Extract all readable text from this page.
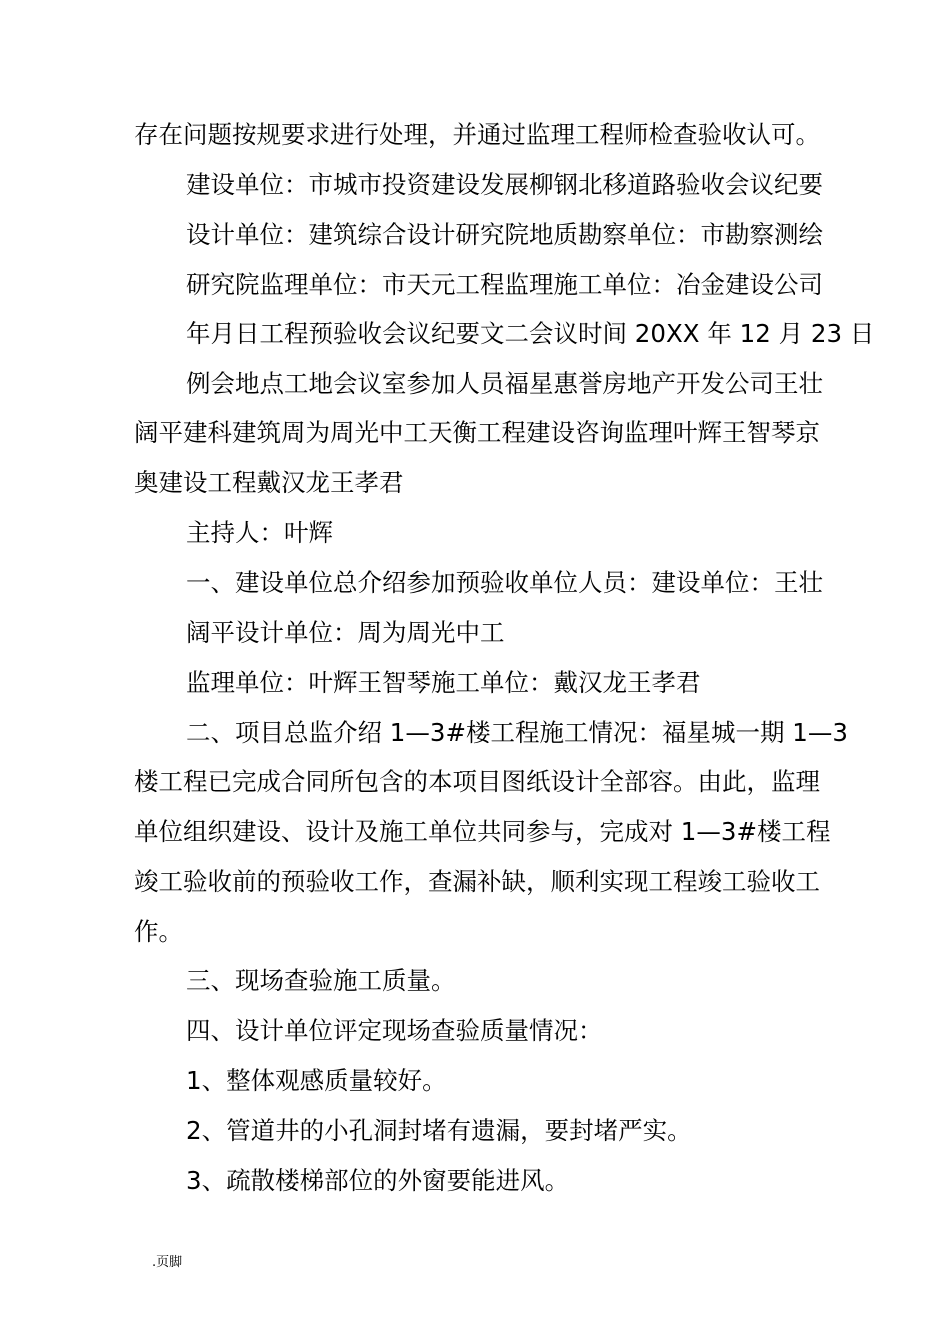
存在问题按规要求进行处理，并通过监理工程师检查验收认可。
建设单位：市城市投资建设发展柳钢北移道路验收会议纪要
设计单位：建筑综合设计研究院地质勘察单位：市勘察测绘
研究院监理单位：市天元工程监理施工单位：冶金建设公司
年月日工程预验收会议纪要文二会议时间 20XX 年 12 月 23 日
例会地点工地会议室参加人员福星惠誉房地产开发公司王壮
阔平建科建筑周为周光中工天衡工程建设咨询监理叶辉王智琴京
奥建设工程戴汉龙王孝君
主持人：叶辉
一、建设单位总介绍参加预验收单位人员：建设单位：王壮
阔平设计单位：周为周光中工
监理单位：叶辉王智琴施工单位：戴汉龙王孝君
二、项目总监介绍 1—3#楼工程施工情况：福星城一期 1—3
楼工程已完成合同所包含的本项目图纸设计全部容。由此，监理
单位组织建设、设计及施工单位共同参与，完成对 1—3#楼工程
竣工验收前的预验收工作，查漏补缺，顺利实现工程竣工验收工
作。
三、现场查验施工质量。
四、设计单位评定现场查验质量情况：
1、整体观感质量较好。
2、管道井的小孔洞封堵有遗漏，要封堵严实。
3、疏散楼梯部位的外窗要能进风。
.页脚
